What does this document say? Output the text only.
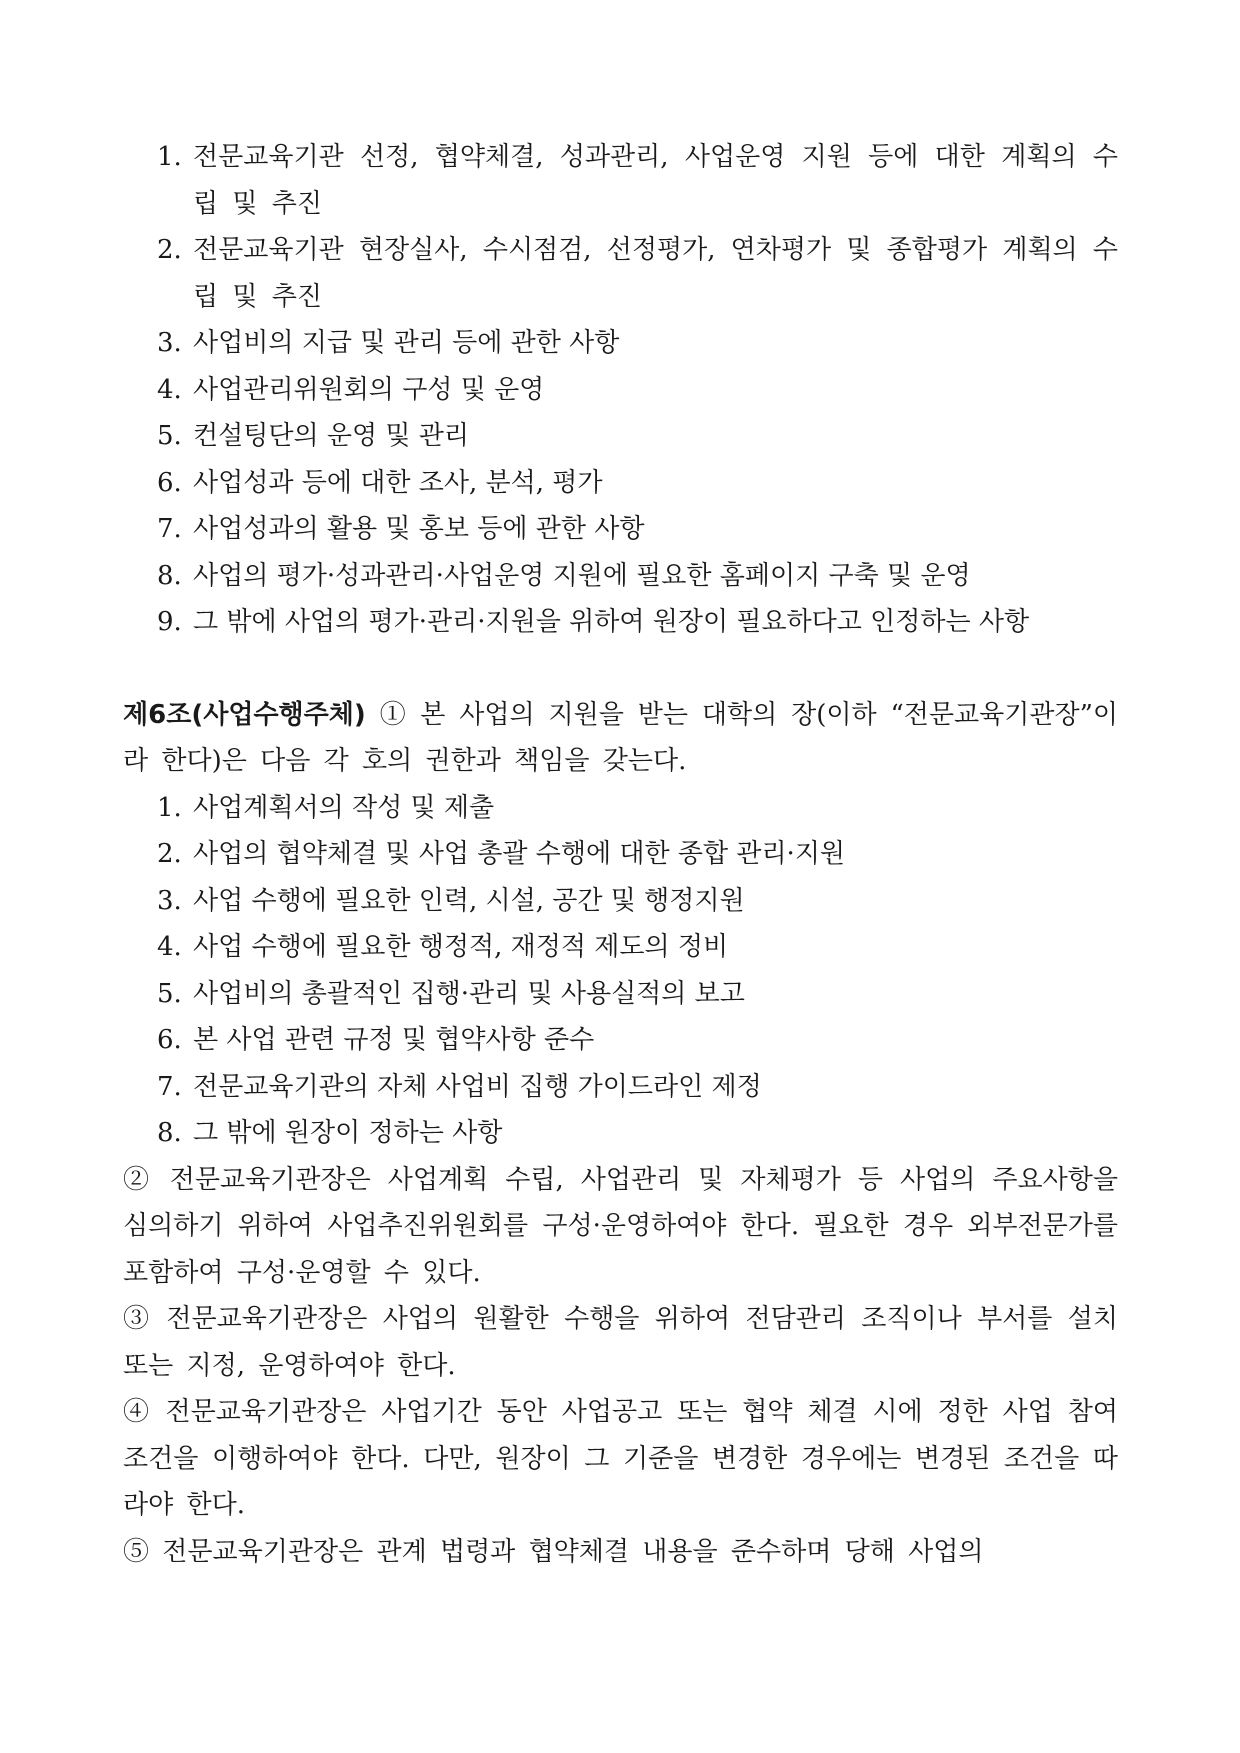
1. 전문교육기관 선정, 협약체결, 성과관리, 사업운영 지원 등에 대한 계획의 수립 및 추진
2. 전문교육기관 현장실사, 수시점검, 선정평가, 연차평가 및 종합평가 계획의 수립 및 추진
3. 사업비의 지급 및 관리 등에 관한 사항
4. 사업관리위원회의 구성 및 운영
5. 컨설팅단의 운영 및 관리
6. 사업성과 등에 대한 조사, 분석, 평가
7. 사업성과의 활용 및 홍보 등에 관한 사항
8. 사업의 평가·성과관리·사업운영 지원에 필요한 홈페이지 구축 및 운영
9. 그 밖에 사업의 평가·관리·지원을 위하여 원장이 필요하다고 인정하는 사항
제6조(사업수행주체) ① 본 사업의 지원을 받는 대학의 장(이하 “전문교육기관장”이라 한다)은 다음 각 호의 권한과 책임을 갖는다.
1. 사업계획서의 작성 및 제출
2. 사업의 협약체결 및 사업 총괄 수행에 대한 종합 관리·지원
3. 사업 수행에 필요한 인력, 시설, 공간 및 행정지원
4. 사업 수행에 필요한 행정적, 재정적 제도의 정비
5. 사업비의 총괄적인 집행·관리 및 사용실적의 보고
6. 본 사업 관련 규정 및 협약사항 준수
7. 전문교육기관의 자체 사업비 집행 가이드라인 제정
8. 그 밖에 원장이 정하는 사항
② 전문교육기관장은 사업계획 수립, 사업관리 및 자체평가 등 사업의 주요사항을 심의하기 위하여 사업추진위원회를 구성·운영하여야 한다. 필요한 경우 외부전문가를 포함하여 구성·운영할 수 있다.
③ 전문교육기관장은 사업의 원활한 수행을 위하여 전담관리 조직이나 부서를 설치 또는 지정, 운영하여야 한다.
④ 전문교육기관장은 사업기간 동안 사업공고 또는 협약 체결 시에 정한 사업 참여 조건을 이행하여야 한다. 다만, 원장이 그 기준을 변경한 경우에는 변경된 조건을 따라야 한다.
⑤ 전문교육기관장은 관계 법령과 협약체결 내용을 준수하며 당해 사업의
